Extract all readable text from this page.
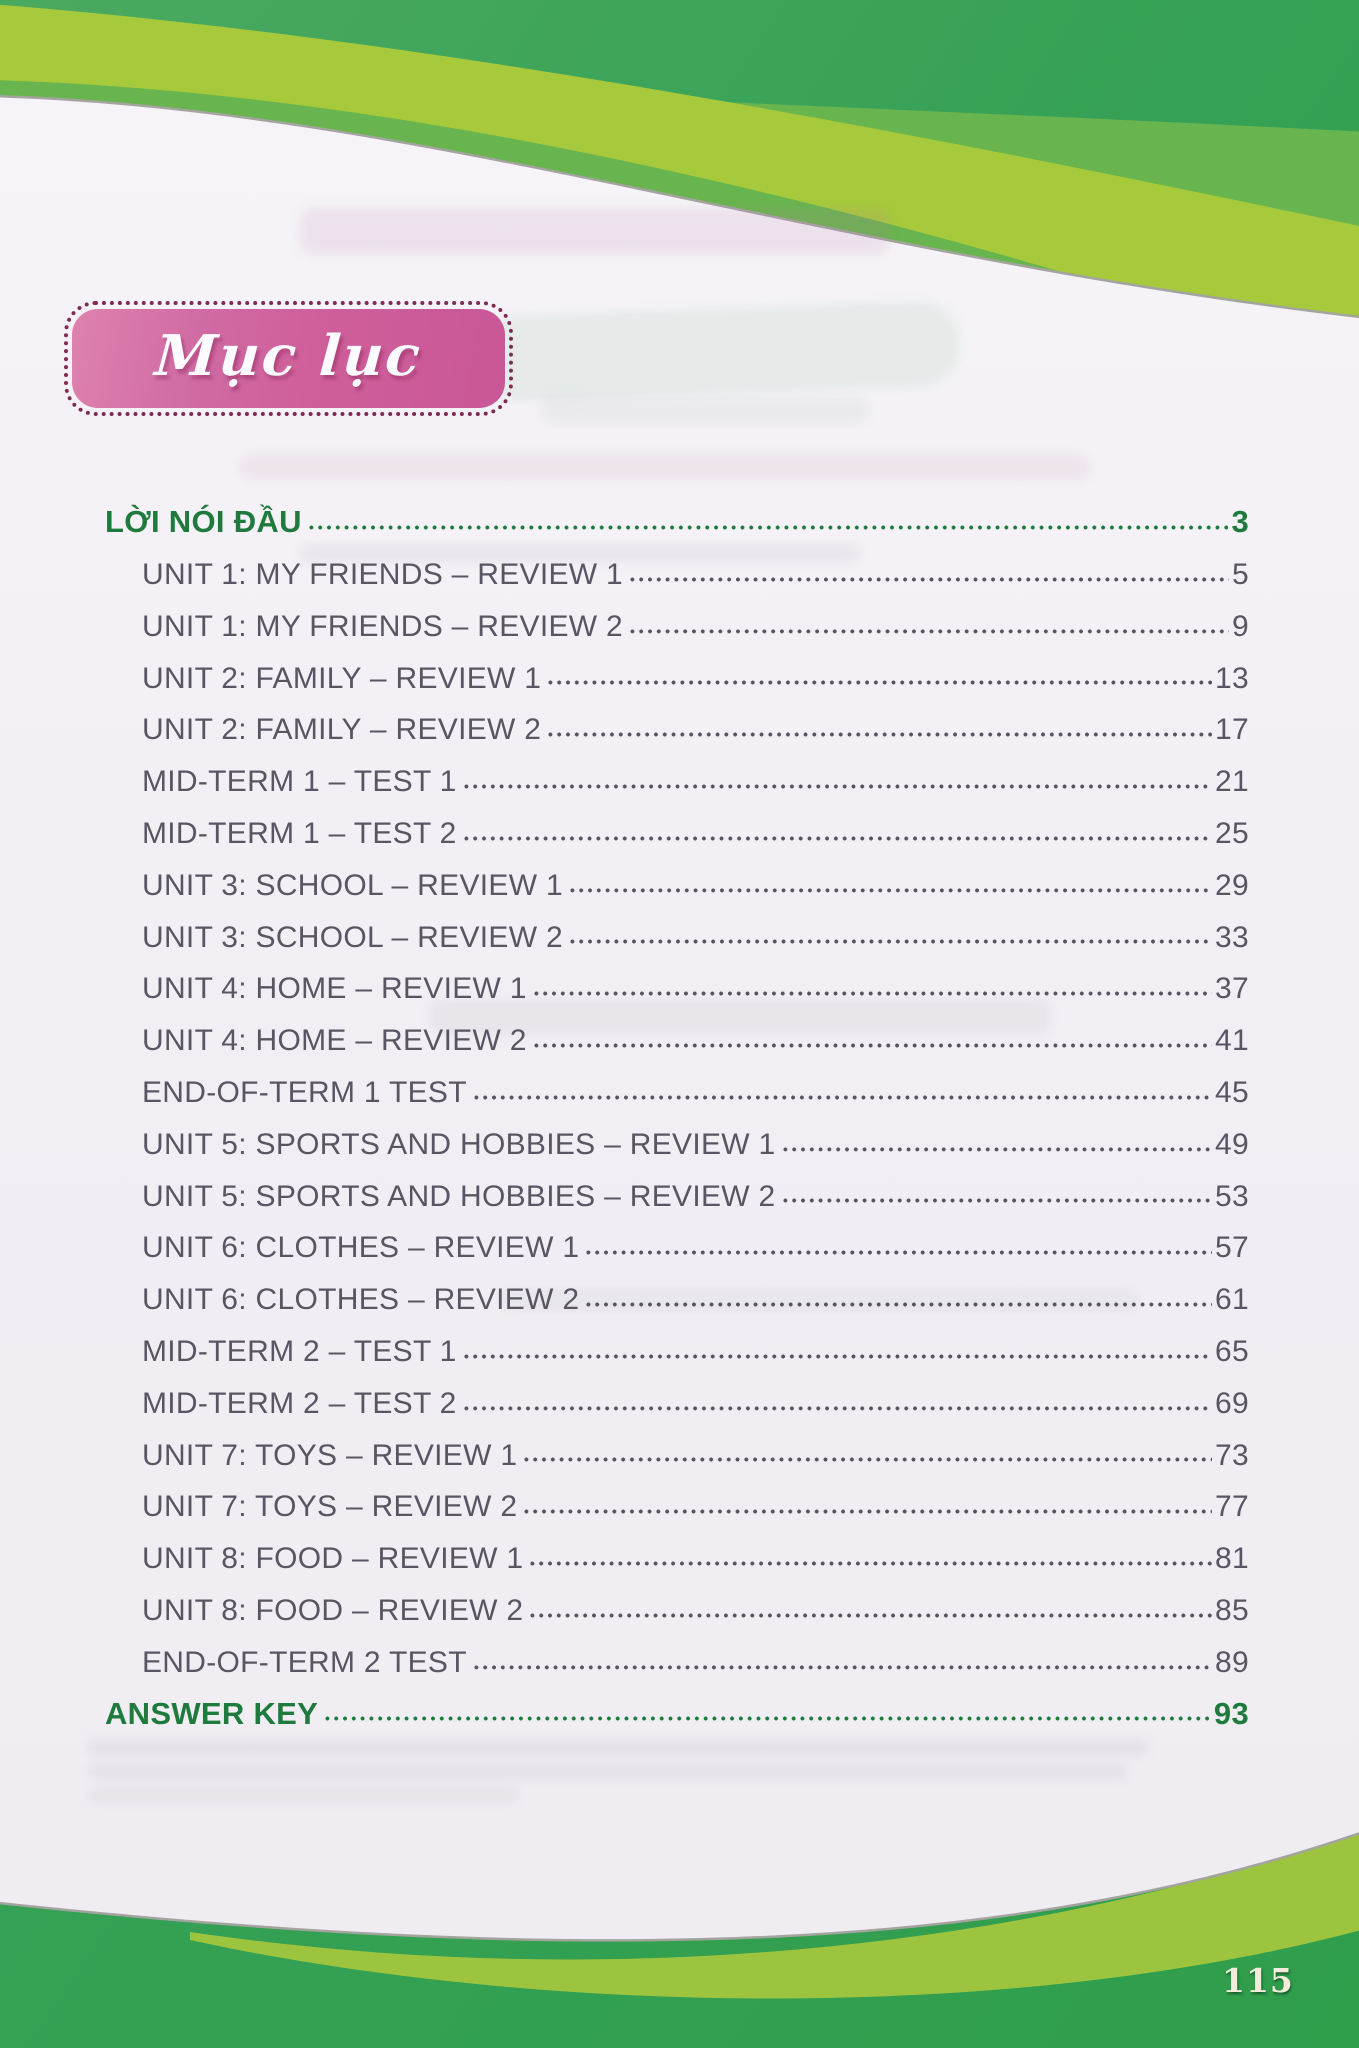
Mục lục
LỜI NÓI ĐẦU	3
UNIT 1: MY FRIENDS – REVIEW 1	5
UNIT 1: MY FRIENDS – REVIEW 2	9
UNIT 2: FAMILY – REVIEW 1	13
UNIT 2: FAMILY – REVIEW 2	17
MID-TERM 1 – TEST 1	21
MID-TERM 1 – TEST 2	25
UNIT 3: SCHOOL – REVIEW 1	29
UNIT 3: SCHOOL – REVIEW 2	33
UNIT 4: HOME – REVIEW 1	37
UNIT 4: HOME – REVIEW 2	41
END-OF-TERM 1 TEST	45
UNIT 5: SPORTS AND HOBBIES – REVIEW 1	49
UNIT 5: SPORTS AND HOBBIES – REVIEW 2	53
UNIT 6: CLOTHES – REVIEW 1	57
UNIT 6: CLOTHES – REVIEW 2	61
MID-TERM 2 – TEST 1	65
MID-TERM 2 – TEST 2	69
UNIT 7: TOYS – REVIEW 1	73
UNIT 7: TOYS – REVIEW 2	77
UNIT 8: FOOD – REVIEW 1	81
UNIT 8: FOOD – REVIEW 2	85
END-OF-TERM 2 TEST	89
ANSWER KEY	93
115
